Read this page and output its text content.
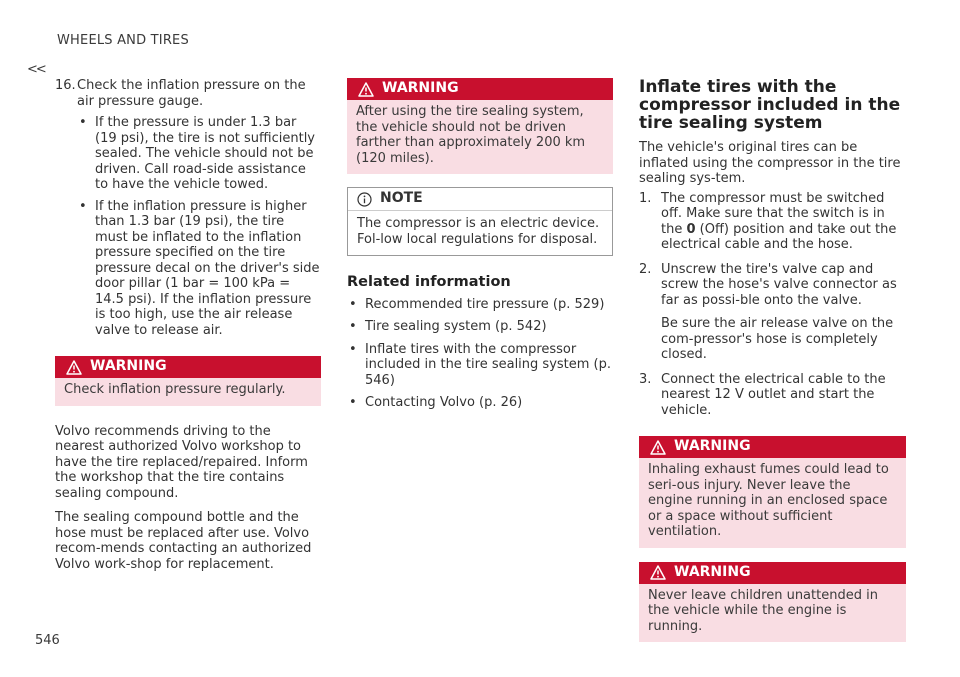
WHEELS AND TIRES
<<
546
16. Check the inflation pressure on the air pressure gauge.
• If the pressure is under 1.3 bar (19 psi), the tire is not sufficiently sealed. The vehicle should not be driven. Call road-side assistance to have the vehicle towed.
• If the inflation pressure is higher than 1.3 bar (19 psi), the tire must be inflated to the inflation pressure specified on the tire pressure decal on the driver's side door pillar (1 bar = 100 kPa = 14.5 psi). If the inflation pressure is too high, use the air release valve to release air.
WARNING
Check inflation pressure regularly.

Volvo recommends driving to the nearest authorized Volvo workshop to have the tire replaced/repaired. Inform the workshop that the tire contains sealing compound.

The sealing compound bottle and the hose must be replaced after use. Volvo recom-mends contacting an authorized Volvo work-shop for replacement.

WARNING
After using the tire sealing system, the vehicle should not be driven farther than approximately 200 km (120 miles).
NOTE
The compressor is an electric device. Fol-low local regulations for disposal.
Related information
• Recommended tire pressure (p. 529)
• Tire sealing system (p. 542)
• Inflate tires with the compressor included in the tire sealing system (p. 546)
• Contacting Volvo (p. 26)
Inflate tires with the compressor included in the tire sealing system

The vehicle's original tires can be inflated using the compressor in the tire sealing sys-tem.

1. The compressor must be switched off. Make sure that the switch is in the 0 (Off) position and take out the electrical cable and the hose.
2. Unscrew the tire's valve cap and screw the hose's valve connector as far as possi-ble onto the valve.
Be sure the air release valve on the com-pressor's hose is completely closed.
3. Connect the electrical cable to the nearest 12 V outlet and start the vehicle.
WARNING
Inhaling exhaust fumes could lead to seri-ous injury. Never leave the engine running in an enclosed space or a space without sufficient ventilation.
WARNING
Never leave children unattended in the vehicle while the engine is running.
